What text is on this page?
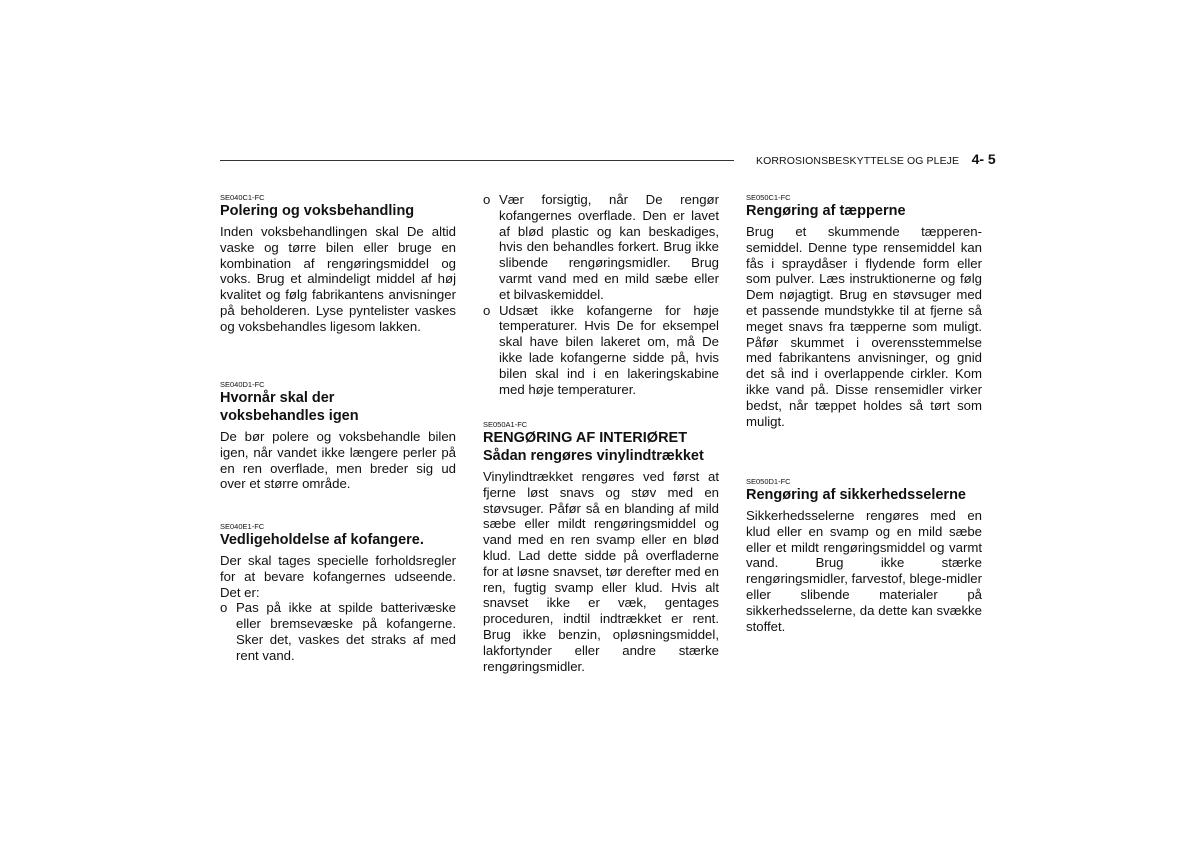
KORROSIONSBESKYTTELSE OG PLEJE 4- 5

SE040C1-FC

Polering og voksbehandling

Inden voksbehandlingen skal De altid vaske og tørre bilen eller bruge en kombination af rengøringsmiddel og voks. Brug et almindeligt middel af høj kvalitet og følg fabrikantens anvisninger på beholderen. Lyse pyntelister vaskes og voksbehandles ligesom lakken.

SE040D1-FC

Hvornår skal der

voksbehandles igen

De bør polere og voksbehandle bilen igen, når vandet ikke længere perler på en ren overflade, men breder sig ud over et større område.

SE040E1-FC

Vedligeholdelse af kofangere.

Der skal tages specielle forholdsregler for at bevare kofangernes udseende. Det er:

o Pas på ikke at spilde batterivæske eller bremsevæske på kofangerne. Sker det, vaskes det straks af med rent vand.
o Vær forsigtig, når De rengør kofangernes overflade. Den er lavet af blød plastic og kan beskadiges, hvis den behandles forkert. Brug ikke slibende rengøringsmidler. Brug varmt vand med en mild sæbe eller et bilvaskemiddel.
o Udsæt ikke kofangerne for høje temperaturer. Hvis De for eksempel skal have bilen lakeret om, må De ikke lade kofangerne sidde på, hvis bilen skal ind i en lakeringskabine med høje temperaturer.

SE050A1-FC

RENGØRING AF INTERIØRET

Sådan rengøres vinylindtrækket

Vinylindtrækket rengøres ved først at fjerne løst snavs og støv med en støvsuger. Påfør så en blanding af mild sæbe eller mildt rengøringsmiddel og vand med en ren svamp eller en blød klud. Lad dette sidde på overfladerne for at løsne snavset, tør derefter med en ren, fugtig svamp eller klud. Hvis alt snavset ikke er væk, gentages proceduren, indtil indtrækket er rent. Brug ikke benzin, opløsningsmiddel, lakfortynder eller andre stærke rengøringsmidler.

SE050C1-FC

Rengøring af tæpperne

Brug et skummende tæpperen-semiddel. Denne type rensemiddel kan fås i spraydåser i flydende form eller som pulver. Læs instruktionerne og følg Dem nøjagtigt. Brug en støvsuger med et passende mundstykke til at fjerne så meget snavs fra tæpperne som muligt. Påfør skummet i overensstemmelse med fabrikantens anvisninger, og gnid det så ind i overlappende cirkler. Kom ikke vand på. Disse rensemidler virker bedst, når tæppet holdes så tørt som muligt.

SE050D1-FC

Rengøring af sikkerhedsselerne

Sikkerhedsselerne rengøres med en klud eller en svamp og en mild sæbe eller et mildt rengøringsmiddel og varmt vand. Brug ikke stærke rengøringsmidler, farvestof, blege-midler eller slibende materialer på sikkerhedsselerne, da dette kan svække stoffet.
